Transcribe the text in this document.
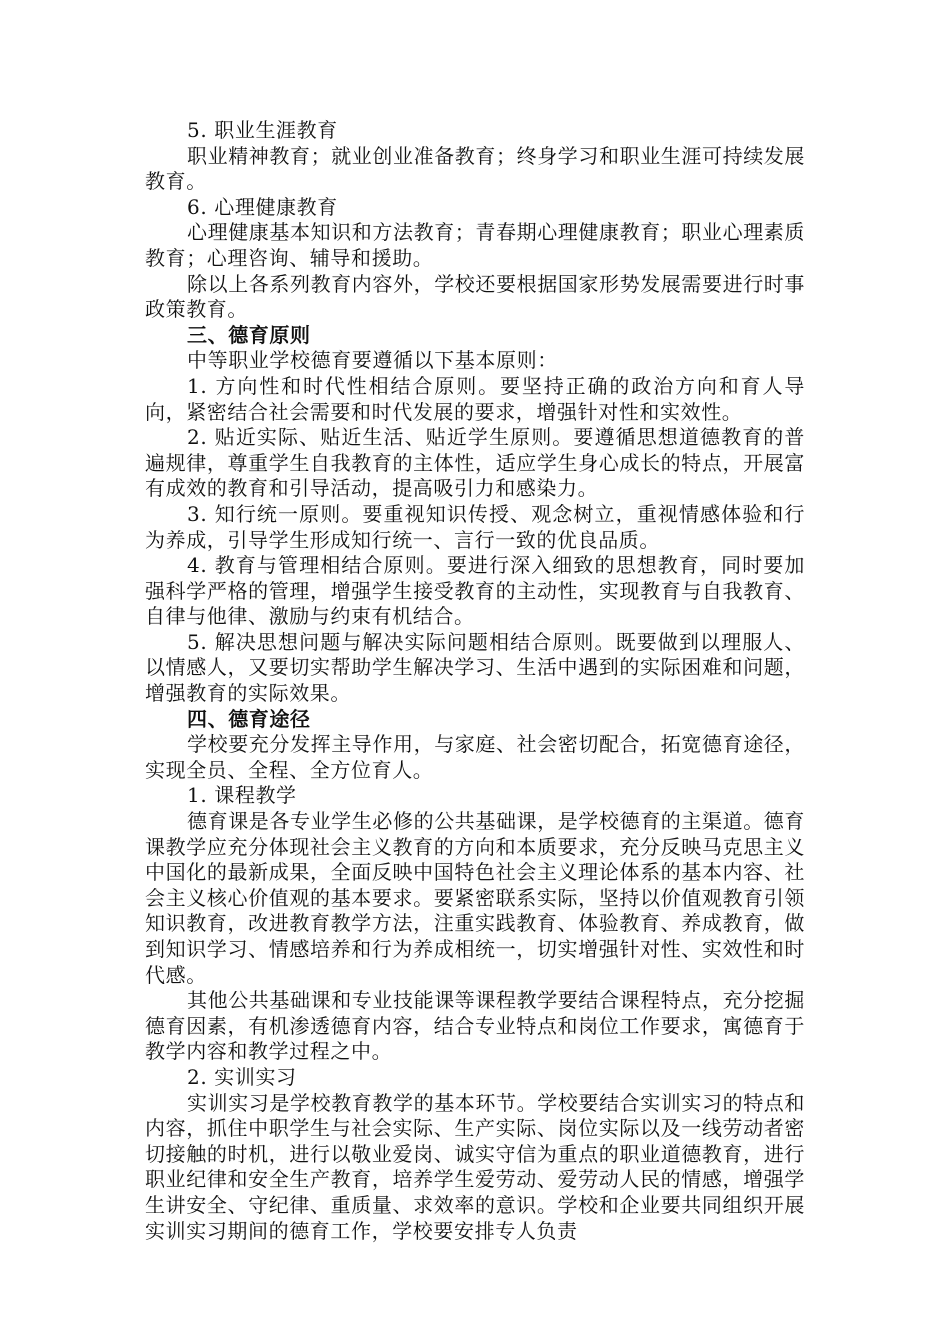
5. 职业生涯教育

职业精神教育；就业创业准备教育；终身学习和职业生涯可持续发展教育。

6. 心理健康教育

心理健康基本知识和方法教育；青春期心理健康教育；职业心理素质教育；心理咨询、辅导和援助。

除以上各系列教育内容外，学校还要根据国家形势发展需要进行时事政策教育。

三、德育原则

中等职业学校德育要遵循以下基本原则：

1. 方向性和时代性相结合原则。要坚持正确的政治方向和育人导向，紧密结合社会需要和时代发展的要求，增强针对性和实效性。

2. 贴近实际、贴近生活、贴近学生原则。要遵循思想道德教育的普遍规律，尊重学生自我教育的主体性，适应学生身心成长的特点，开展富有成效的教育和引导活动，提高吸引力和感染力。

3. 知行统一原则。要重视知识传授、观念树立，重视情感体验和行为养成，引导学生形成知行统一、言行一致的优良品质。

4. 教育与管理相结合原则。要进行深入细致的思想教育，同时要加强科学严格的管理，增强学生接受教育的主动性，实现教育与自我教育、自律与他律、激励与约束有机结合。

5. 解决思想问题与解决实际问题相结合原则。既要做到以理服人、以情感人，又要切实帮助学生解决学习、生活中遇到的实际困难和问题，增强教育的实际效果。

四、德育途径

学校要充分发挥主导作用，与家庭、社会密切配合，拓宽德育途径，实现全员、全程、全方位育人。

1. 课程教学

德育课是各专业学生必修的公共基础课，是学校德育的主渠道。德育课教学应充分体现社会主义教育的方向和本质要求，充分反映马克思主义中国化的最新成果，全面反映中国特色社会主义理论体系的基本内容、社会主义核心价值观的基本要求。要紧密联系实际，坚持以价值观教育引领知识教育，改进教育教学方法，注重实践教育、体验教育、养成教育，做到知识学习、情感培养和行为养成相统一，切实增强针对性、实效性和时代感。

其他公共基础课和专业技能课等课程教学要结合课程特点，充分挖掘德育因素，有机渗透德育内容，结合专业特点和岗位工作要求，寓德育于教学内容和教学过程之中。

2. 实训实习

实训实习是学校教育教学的基本环节。学校要结合实训实习的特点和内容，抓住中职学生与社会实际、生产实际、岗位实际以及一线劳动者密切接触的时机，进行以敬业爱岗、诚实守信为重点的职业道德教育，进行职业纪律和安全生产教育，培养学生爱劳动、爱劳动人民的情感，增强学生讲安全、守纪律、重质量、求效率的意识。学校和企业要共同组织开展实训实习期间的德育工作，学校要安排专人负责
